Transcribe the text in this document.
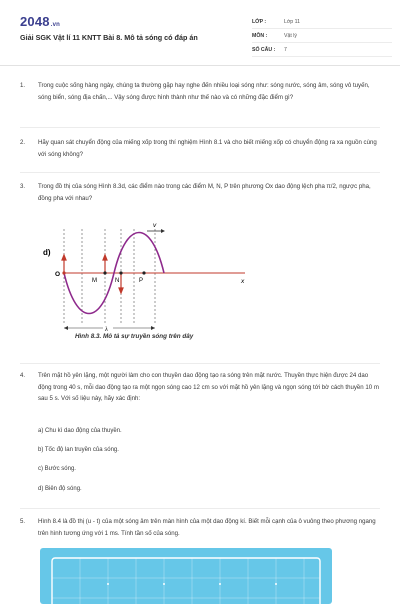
2048.vn
Giải SGK Vật lí 11 KNTT Bài 8. Mô tả sóng có đáp án
LỚP :	Lớp 11
MÔN :	Vật lý
SỐ CÂU :	7
1. Trong cuộc sống hàng ngày, chúng ta thường gặp hay nghe đến nhiều loại sóng như: sóng nước, sóng âm, sóng vô tuyến, sóng biển, sóng địa chấn,... Vậy sóng được hình thành như thế nào và có những đặc điểm gì?
2. Hãy quan sát chuyển động của miếng xốp trong thí nghiệm Hình 8.1 và cho biết miếng xốp có chuyển động ra xa nguồn cùng với sóng không?
3. Trong đồ thị của sóng Hình 8.3d, các điểm nào trong các điểm M, N, P trên phương Ox dao động lệch pha π/2, ngược pha, đồng pha với nhau?
d)
O
M	N	P	x
v
λ
Hình 8.3. Mô tả sự truyền sóng trên dây
4. Trên mặt hồ yên lặng, một người làm cho con thuyền dao động tạo ra sóng trên mặt nước. Thuyền thực hiện được 24 dao động trong 40 s, mỗi dao động tạo ra một ngọn sóng cao 12 cm so với mặt hồ yên lặng và ngọn sóng tới bờ cách thuyền 10 m sau 5 s. Với số liệu này, hãy xác định:
a) Chu kì dao động của thuyền.
b) Tốc độ lan truyền của sóng.
c) Bước sóng.
d) Biên độ sóng.
5. Hình 8.4 là đồ thị (u - t) của một sóng âm trên màn hình của một dao động kí. Biết mỗi cạnh của ô vuông theo phương ngang trên hình tương ứng với 1 ms. Tính tần số của sóng.
